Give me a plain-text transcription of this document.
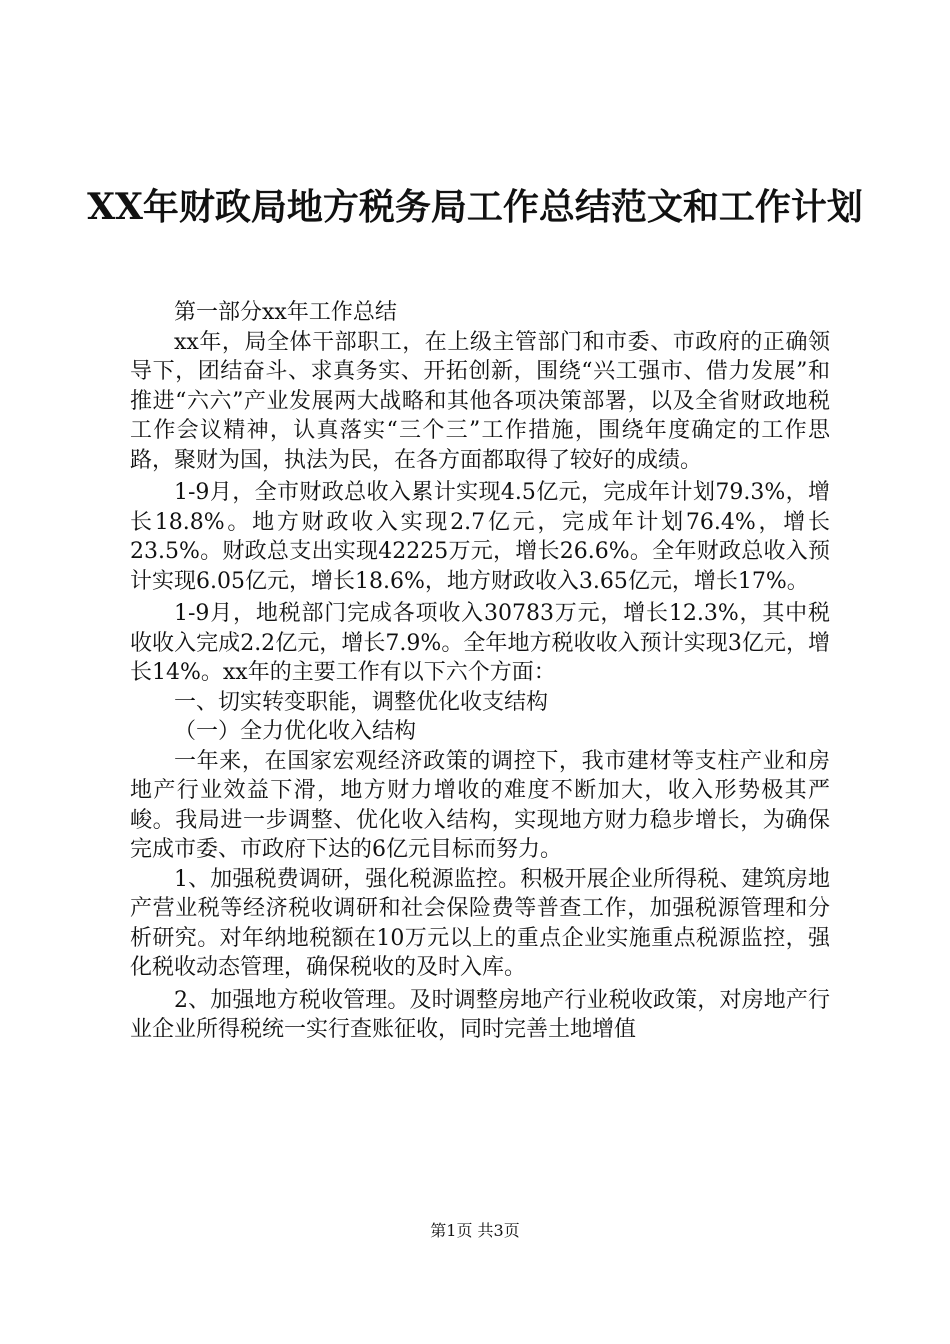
XX年财政局地方税务局工作总结范文和工作计划

第一部分xx年工作总结

xx年，局全体干部职工，在上级主管部门和市委、市政府的正确领导下，团结奋斗、求真务实、开拓创新，围绕“兴工强市、借力发展”和推进“六六”产业发展两大战略和其他各项决策部署，以及全省财政地税工作会议精神，认真落实“三个三”工作措施，围绕年度确定的工作思路，聚财为国，执法为民，在各方面都取得了较好的成绩。

1-9月，全市财政总收入累计实现4.5亿元，完成年计划79.3%，增长18.8%。地方财政收入实现2.7亿元，完成年计划76.4%，增长23.5%。财政总支出实现42225万元，增长26.6%。全年财政总收入预计实现6.05亿元，增长18.6%，地方财政收入3.65亿元，增长17%。

1-9月，地税部门完成各项收入30783万元，增长12.3%，其中税收收入完成2.2亿元，增长7.9%。全年地方税收收入预计实现3亿元，增长14%。xx年的主要工作有以下六个方面：

一、切实转变职能，调整优化收支结构

（一）全力优化收入结构

一年来，在国家宏观经济政策的调控下，我市建材等支柱产业和房地产行业效益下滑，地方财力增收的难度不断加大，收入形势极其严峻。我局进一步调整、优化收入结构，实现地方财力稳步增长，为确保完成市委、市政府下达的6亿元目标而努力。

1、加强税费调研，强化税源监控。积极开展企业所得税、建筑房地产营业税等经济税收调研和社会保险费等普查工作，加强税源管理和分析研究。对年纳地税额在10万元以上的重点企业实施重点税源监控，强化税收动态管理，确保税收的及时入库。

2、加强地方税收管理。及时调整房地产行业税收政策，对房地产行业企业所得税统一实行查账征收，同时完善土地增值

第1页 共3页
